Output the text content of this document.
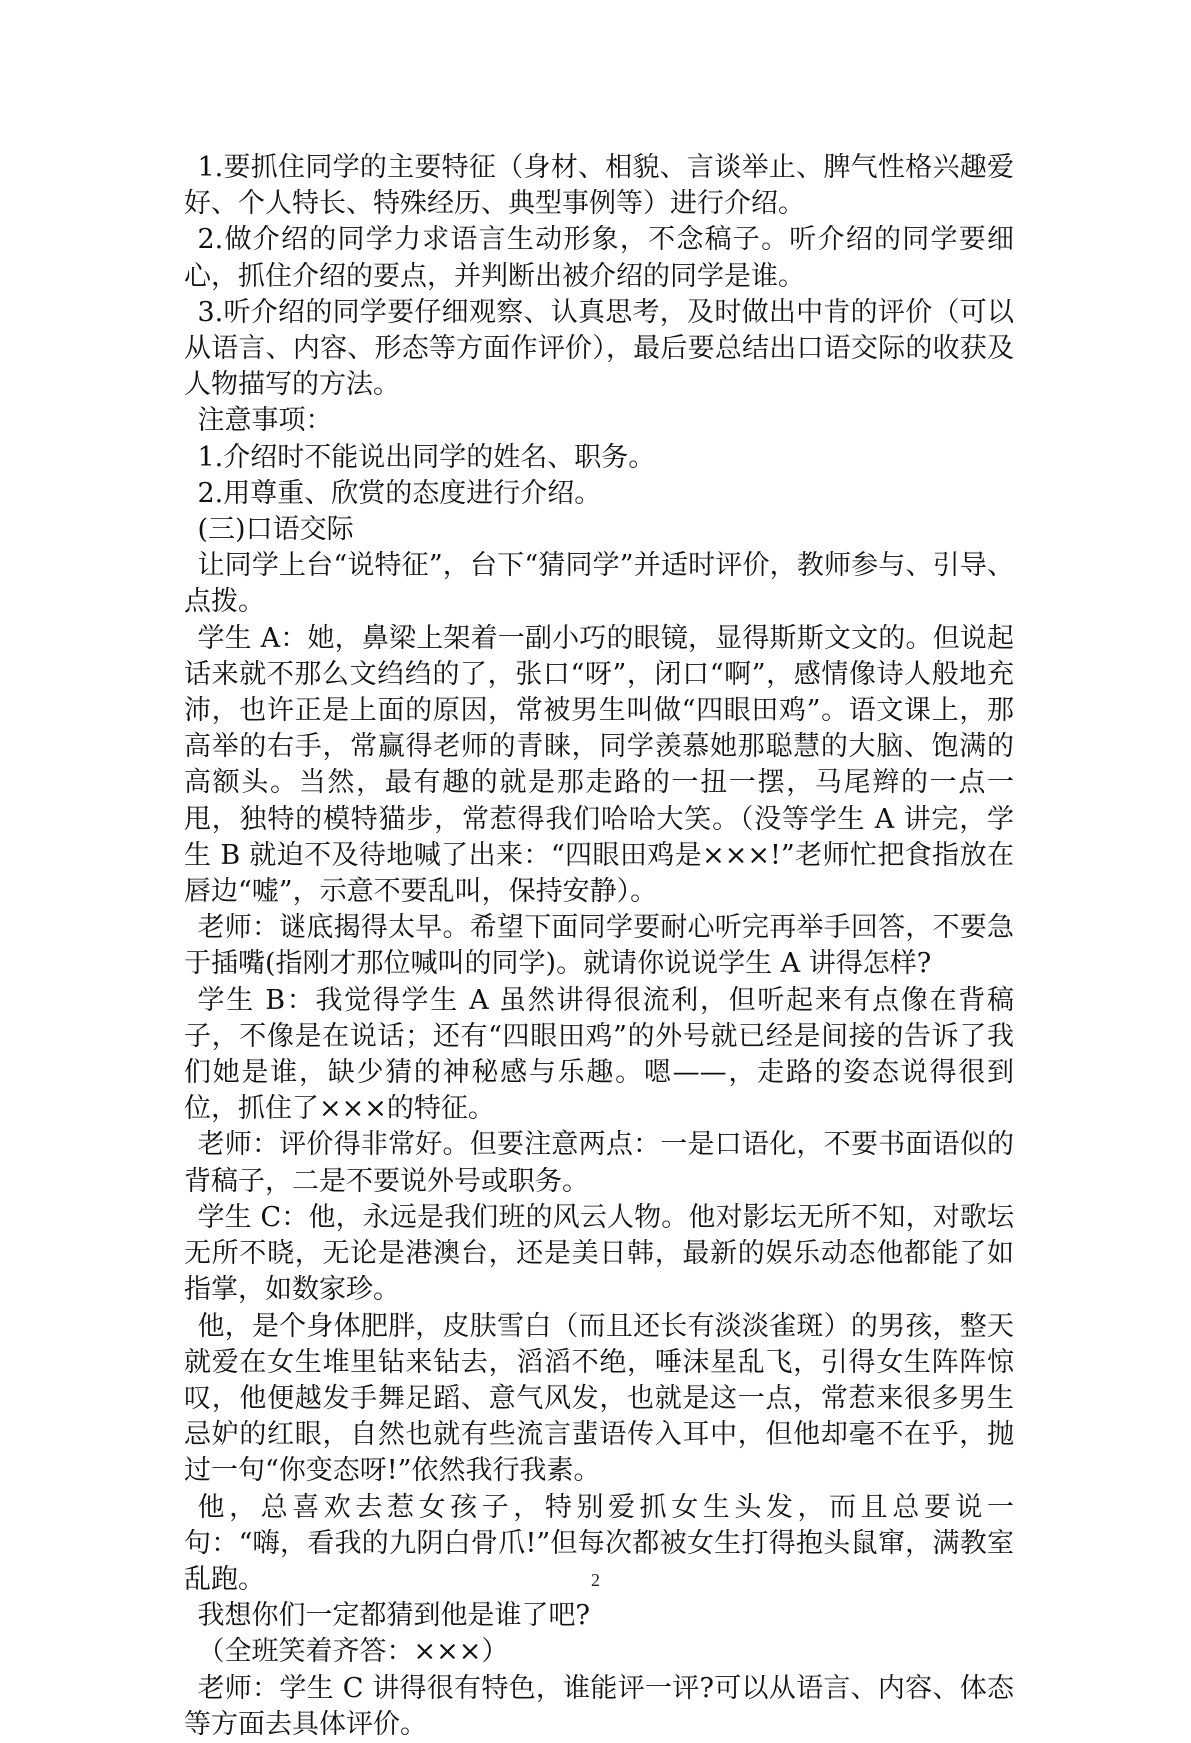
1.要抓住同学的主要特征（身材、相貌、言谈举止、脾气性格兴趣爱好、个人特长、特殊经历、典型事例等）进行介绍。

2.做介绍的同学力求语言生动形象，不念稿子。听介绍的同学要细心，抓住介绍的要点，并判断出被介绍的同学是谁。

3.听介绍的同学要仔细观察、认真思考，及时做出中肯的评价（可以从语言、内容、形态等方面作评价），最后要总结出口语交际的收获及人物描写的方法。

注意事项：

1.介绍时不能说出同学的姓名、职务。

2.用尊重、欣赏的态度进行介绍。

(三)口语交际

让同学上台“说特征”，台下“猜同学”并适时评价，教师参与、引导、点拨。

学生 A：她，鼻梁上架着一副小巧的眼镜，显得斯斯文文的。但说起话来就不那么文绉绉的了，张口“呀”，闭口“啊”，感情像诗人般地充沛，也许正是上面的原因，常被男生叫做“四眼田鸡”。语文课上，那高举的右手，常赢得老师的青睐，同学羡慕她那聪慧的大脑、饱满的高额头。当然，最有趣的就是那走路的一扭一摆，马尾辫的一点一甩，独特的模特猫步，常惹得我们哈哈大笑。（没等学生 A 讲完，学生 B 就迫不及待地喊了出来：“四眼田鸡是×××!”老师忙把食指放在唇边“嘘”，示意不要乱叫，保持安静）。

老师：谜底揭得太早。希望下面同学要耐心听完再举手回答，不要急于插嘴(指刚才那位喊叫的同学)。就请你说说学生 A 讲得怎样?

学生 B：我觉得学生 A 虽然讲得很流利，但听起来有点像在背稿子，不像是在说话；还有“四眼田鸡”的外号就已经是间接的告诉了我们她是谁，缺少猜的神秘感与乐趣。嗯——，走路的姿态说得很到位，抓住了×××的特征。

老师：评价得非常好。但要注意两点：一是口语化，不要书面语似的背稿子，二是不要说外号或职务。

学生 C：他，永远是我们班的风云人物。他对影坛无所不知，对歌坛无所不晓，无论是港澳台，还是美日韩，最新的娱乐动态他都能了如指掌，如数家珍。

他，是个身体肥胖，皮肤雪白（而且还长有淡淡雀斑）的男孩，整天就爱在女生堆里钻来钻去，滔滔不绝，唾沫星乱飞，引得女生阵阵惊叹，他便越发手舞足蹈、意气风发，也就是这一点，常惹来很多男生忌妒的红眼，自然也就有些流言蜚语传入耳中，但他却毫不在乎，抛过一句“你变态呀!”依然我行我素。

他，总喜欢去惹女孩子，特别爱抓女生头发，而且总要说一句：“嗨，看我的九阴白骨爪!”但每次都被女生打得抱头鼠窜，满教室乱跑。

我想你们一定都猜到他是谁了吧?

（全班笑着齐答：×××）

老师：学生 C 讲得很有特色，谁能评一评?可以从语言、内容、体态等方面去具体评价。

2
